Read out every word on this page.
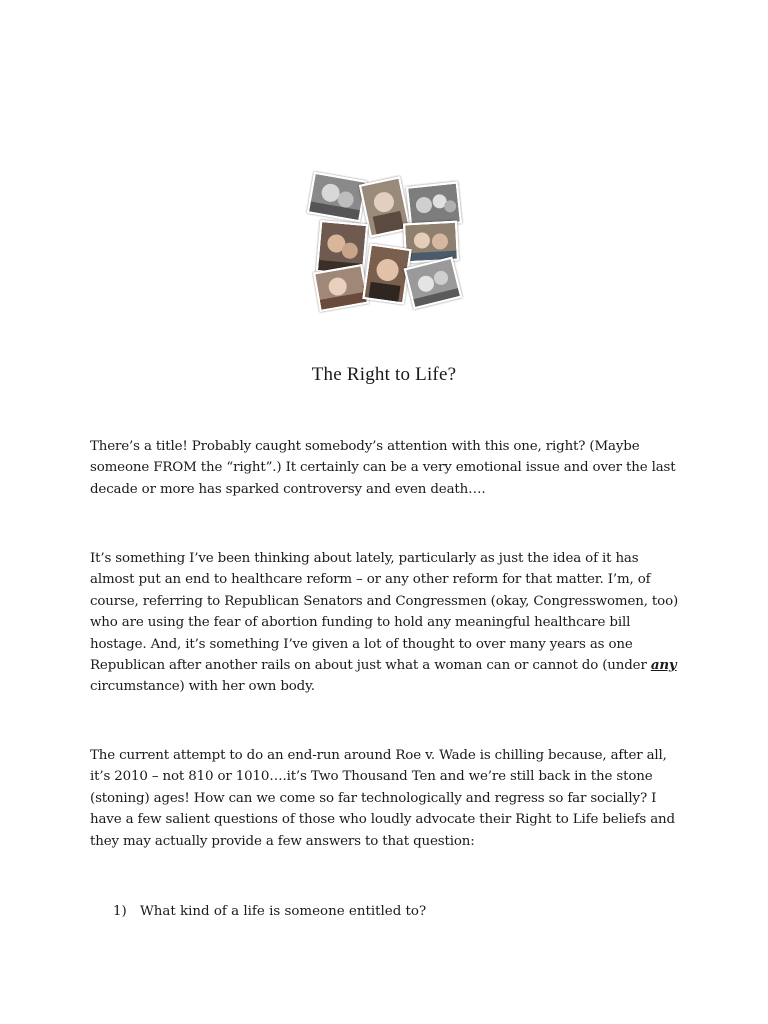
The Right to Life?

There’s a title! Probably caught somebody’s attention with this one, right? (Maybe
someone FROM the “right”.) It certainly can be a very emotional issue and over the last
decade or more has sparked controversy and even death….

It’s something I’ve been thinking about lately, particularly as just the idea of it has
almost put an end to healthcare reform – or any other reform for that matter. I’m, of
course, referring to Republican Senators and Congressmen (okay, Congresswomen, too)
who are using the fear of abortion funding to hold any meaningful healthcare bill
hostage. And, it’s something I’ve given a lot of thought to over many years as one
Republican after another rails on about just what a woman can or cannot do (under any
circumstance) with her own body.

The current attempt to do an end-run around Roe v. Wade is chilling because, after all,
it’s 2010 – not 810 or 1010….it’s Two Thousand Ten and we’re still back in the stone
(stoning) ages! How can we come so far technologically and regress so far socially? I
have a few salient questions of those who loudly advocate their Right to Life beliefs and
they may actually provide a few answers to that question:

1) What kind of a life is someone entitled to?
